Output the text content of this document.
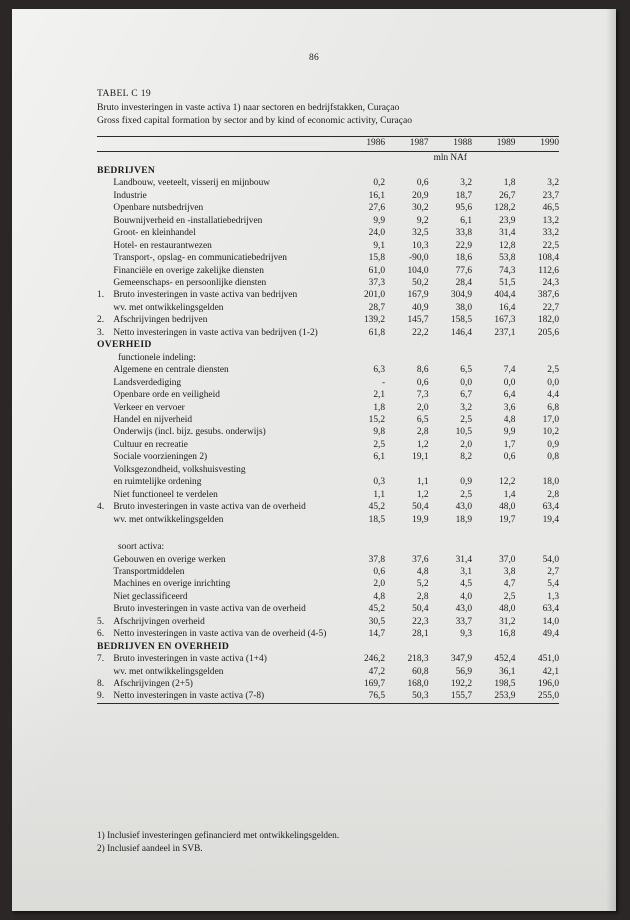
86
TABEL C 19
Bruto investeringen in vaste activa 1) naar sectoren en bedrijfstakken, Curaçao
Gross fixed capital formation by sector and by kind of economic activity, Curaçao
		1986	1987	1988	1989	1990
		mln NAf				
BEDRIJVEN						
	Landbouw, veeteelt, visserij en mijnbouw	0,2	0,6	3,2	1,8	3,2
	Industrie	16,1	20,9	18,7	26,7	23,7
	Openbare nutsbedrijven	27,6	30,2	95,6	128,2	46,5
	Bouwnijverheid en -installatiebedrijven	9,9	9,2	6,1	23,9	13,2
	Groot- en kleinhandel	24,0	32,5	33,8	31,4	33,2
	Hotel- en restaurantwezen	9,1	10,3	22,9	12,8	22,5
	Transport-, opslag- en communicatiebedrijven	15,8	-90,0	18,6	53,8	108,4
	Financiële en overige zakelijke diensten	61,0	104,0	77,6	74,3	112,6
	Gemeenschaps- en persoonlijke diensten	37,3	50,2	28,4	51,5	24,3
1.	Bruto investeringen in vaste activa van bedrijven	201,0	167,9	304,9	404,4	387,6
	wv. met ontwikkelingsgelden	28,7	40,9	38,0	16,4	22,7
2.	Afschrijvingen bedrijven	139,2	145,7	158,5	167,3	182,0
3.	Netto investeringen in vaste activa van bedrijven (1-2)	61,8	22,2	146,4	237,1	205,6
OVERHEID						
functionele indeling:						
	Algemene en centrale diensten	6,3	8,6	6,5	7,4	2,5
	Landsverdediging	-	0,6	0,0	0,0	0,0
	Openbare orde en veiligheid	2,1	7,3	6,7	6,4	4,4
	Verkeer en vervoer	1,8	2,0	3,2	3,6	6,8
	Handel en nijverheid	15,2	6,5	2,5	4,8	17,0
	Onderwijs (incl. bijz. gesubs. onderwijs)	9,8	2,8	10,5	9,9	10,2
	Cultuur en recreatie	2,5	1,2	2,0	1,7	0,9
	Sociale voorzieningen 2)	6,1	19,1	8,2	0,6	0,8
	Volksgezondheid, volkshuisvesting					
	en ruimtelijke ordening	0,3	1,1	0,9	12,2	18,0
	Niet functioneel te verdelen	1,1	1,2	2,5	1,4	2,8
4.	Bruto investeringen in vaste activa van de overheid	45,2	50,4	43,0	48,0	63,4
	wv. met ontwikkelingsgelden	18,5	19,9	18,9	19,7	19,4
soort activa:						
	Gebouwen en overige werken	37,8	37,6	31,4	37,0	54,0
	Transportmiddelen	0,6	4,8	3,1	3,8	2,7
	Machines en overige inrichting	2,0	5,2	4,5	4,7	5,4
	Niet geclassificeerd	4,8	2,8	4,0	2,5	1,3
	Bruto investeringen in vaste activa van de overheid	45,2	50,4	43,0	48,0	63,4
5.	Afschrijvingen overheid	30,5	22,3	33,7	31,2	14,0
6.	Netto investeringen in vaste activa van de overheid (4-5)	14,7	28,1	9,3	16,8	49,4
BEDRIJVEN EN OVERHEID						
7.	Bruto investeringen in vaste activa (1+4)	246,2	218,3	347,9	452,4	451,0
	wv. met ontwikkelingsgelden	47,2	60,8	56,9	36,1	42,1
8.	Afschrijvingen (2+5)	169,7	168,0	192,2	198,5	196,0
9.	Netto investeringen in vaste activa (7-8)	76,5	50,3	155,7	253,9	255,0

1) Inclusief investeringen gefinancierd met ontwikkelingsgelden.
2) Inclusief aandeel in SVB.
